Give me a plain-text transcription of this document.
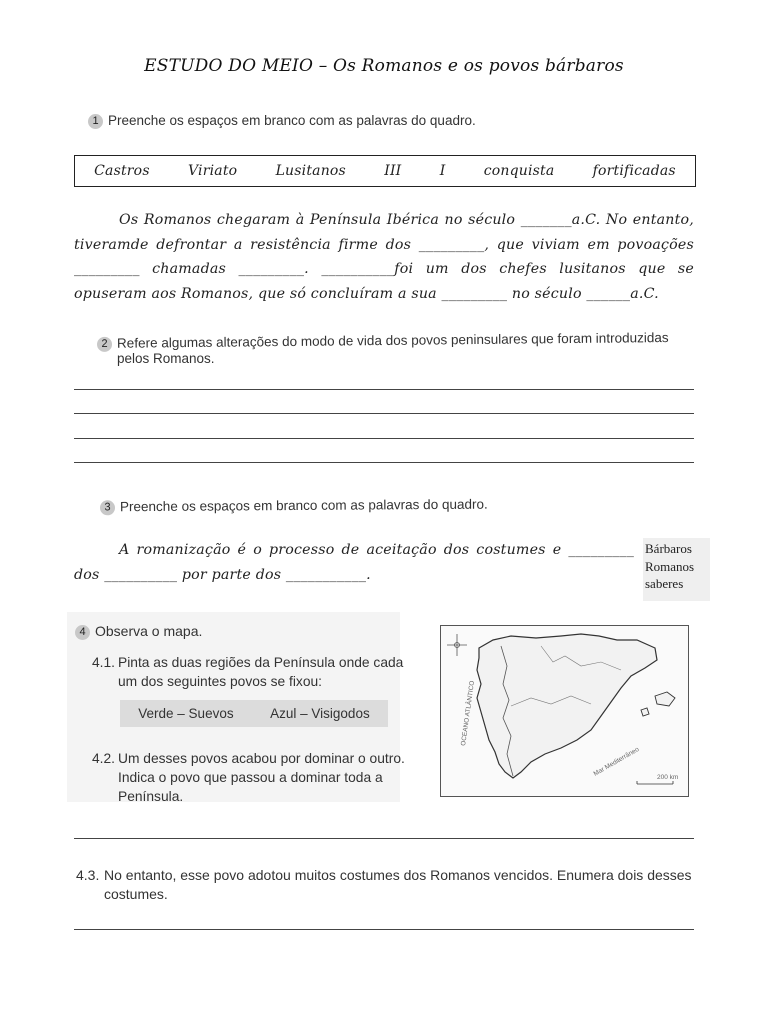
ESTUDO DO MEIO – Os Romanos e os povos bárbaros
1 Preenche os espaços em branco com as palavras do quadro.
Castros	Viriato	Lusitanos	III	I	conquista	fortificadas
Os Romanos chegaram à Península Ibérica no século _______a.C. No entanto,
tiveramde defrontar a resistência firme dos _________, que viviam em povoações
_________ chamadas _________. __________foi um dos chefes lusitanos que se
opuseram aos Romanos, que só concluíram a sua _________ no século ______a.C.
2 Refere algumas alterações do modo de vida dos povos peninsulares que foram introduzidas
pelos Romanos.
3 Preenche os espaços em branco com as palavras do quadro.
A romanização é o processo de aceitação dos costumes e _________
dos __________ por parte dos ___________.
Bárbaros
Romanos
saberes
4 Observa o mapa.
4.1. Pinta as duas regiões da Península onde cada
um dos seguintes povos se fixou:
Verde – Suevos	Azul – Visigodos
4.2. Um desses povos acabou por dominar o outro.
Indica o povo que passou a dominar toda a
Península.
OCEANO ATLÂNTICO
Mar Mediterrâneo	200 km
4.3. No entanto, esse povo adotou muitos costumes dos Romanos vencidos. Enumera dois desses
costumes.
